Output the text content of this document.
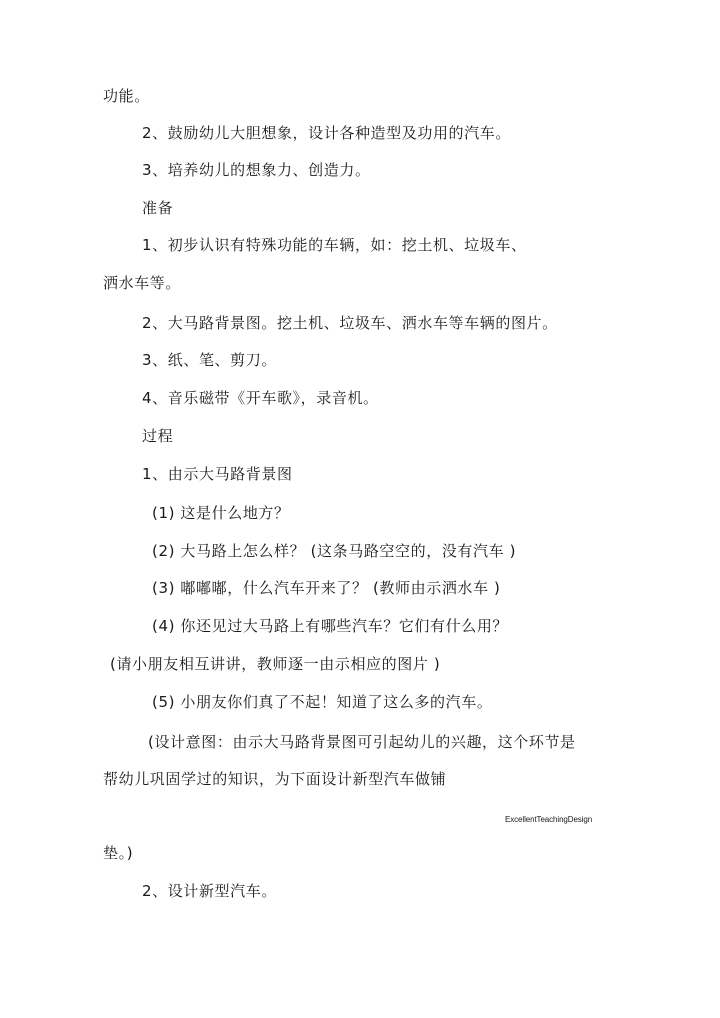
功能。
2、鼓励幼儿大胆想象，设计各种造型及功用的汽车。
3、培养幼儿的想象力、创造力。
准备
1、初步认识有特殊功能的车辆，如：挖土机、垃圾车、
洒水车等。
2、大马路背景图。挖土机、垃圾车、洒水车等车辆的图片。
3、纸、笔、剪刀。
4、音乐磁带《开车歌》，录音机。
过程
1、由示大马路背景图
(1) 这是什么地方？
(2) 大马路上怎么样？ (这条马路空空的，没有汽车 )
(3) 嘟嘟嘟，什么汽车开来了？ (教师由示洒水车 )
(4) 你还见过大马路上有哪些汽车？它们有什么用？
(请小朋友相互讲讲，教师逐一由示相应的图片 )
(5) 小朋友你们真了不起！知道了这么多的汽车。
(设计意图：由示大马路背景图可引起幼儿的兴趣，这个环节是
帮幼儿巩固学过的知识，为下面设计新型汽车做铺
ExcellentTeachingDesign
垫。)
2、设计新型汽车。
